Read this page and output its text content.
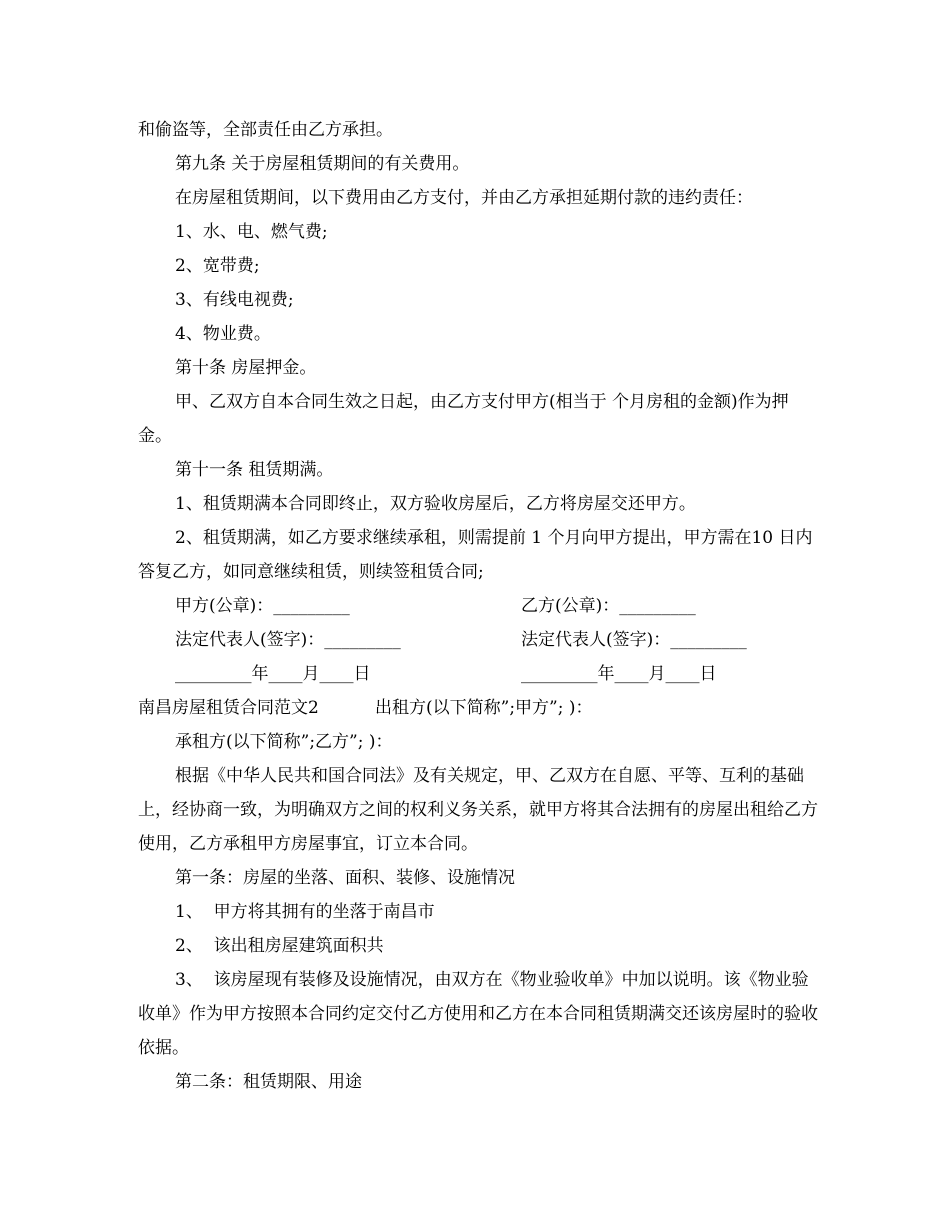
和偷盗等，全部责任由乙方承担。

第九条 关于房屋租赁期间的有关费用。

在房屋租赁期间，以下费用由乙方支付，并由乙方承担延期付款的违约责任：

1、水、电、燃气费;

2、宽带费;

3、有线电视费;

4、物业费。

第十条 房屋押金。

甲、乙双方自本合同生效之日起，由乙方支付甲方(相当于 个月房租的金额)作为押金。

第十一条 租赁期满。

1、租赁期满本合同即终止，双方验收房屋后，乙方将房屋交还甲方。

2、租赁期满，如乙方要求继续承租，则需提前 1 个月向甲方提出，甲方需在10 日内答复乙方，如同意继续租赁，则续签租赁合同;

甲方(公章)：_________	乙方(公章)：_________
法定代表人(签字)：_________	法定代表人(签字)：_________
_________年____月____日	_________年____月____日
南昌房屋租赁合同范文2	出租方(以下简称”;甲方”; )：

承租方(以下简称”;乙方”; )：

根据《中华人民共和国合同法》及有关规定，甲、乙双方在自愿、平等、互利的基础上，经协商一致，为明确双方之间的权利义务关系，就甲方将其合法拥有的房屋出租给乙方使用，乙方承租甲方房屋事宜，订立本合同。

第一条：房屋的坐落、面积、装修、设施情况

1、  甲方将其拥有的坐落于南昌市

2、  该出租房屋建筑面积共

3、  该房屋现有装修及设施情况，由双方在《物业验收单》中加以说明。该《物业验收单》作为甲方按照本合同约定交付乙方使用和乙方在本合同租赁期满交还该房屋时的验收依据。

第二条：租赁期限、用途
